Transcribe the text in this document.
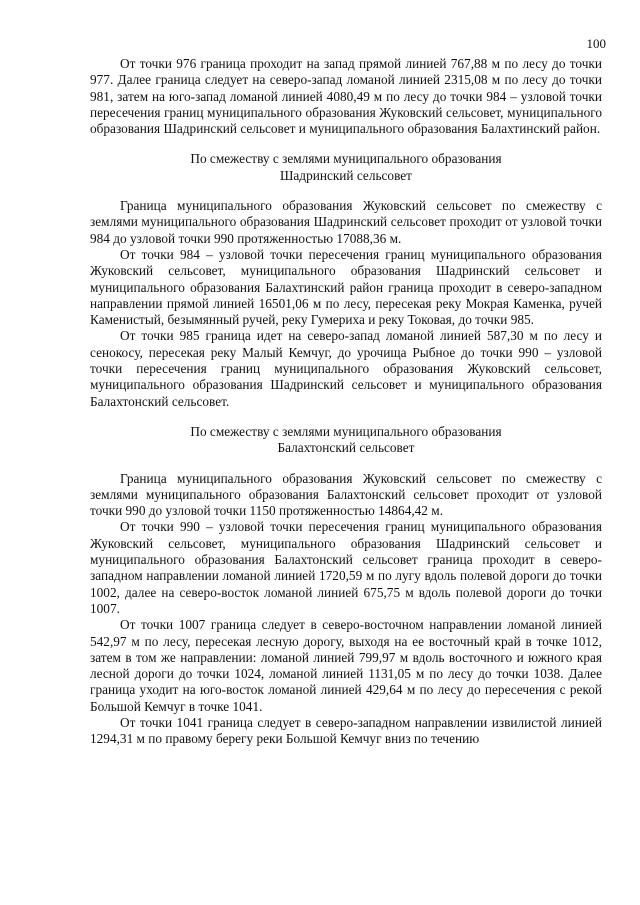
100

От точки 976 граница проходит на запад прямой линией 767,88 м по лесу до точки 977. Далее граница следует на северо-запад ломаной линией 2315,08 м по лесу до точки 981, затем на юго-запад ломаной линией 4080,49 м по лесу до точки 984 – узловой точки пересечения границ муниципального образования Жуковский сельсовет, муниципального образования Шадринский сельсовет и муниципального образования Балахтинский район.

По смежеству с землями муниципального образования
Шадринский сельсовет

Граница муниципального образования Жуковский сельсовет по смежеству с землями муниципального образования Шадринский сельсовет проходит от узловой точки 984 до узловой точки 990 протяженностью 17088,36 м.

От точки 984 – узловой точки пересечения границ муниципального образования Жуковский сельсовет, муниципального образования Шадринский сельсовет и муниципального образования Балахтинский район граница проходит в северо-западном направлении прямой линией 16501,06 м по лесу, пересекая реку Мокрая Каменка, ручей Каменистый, безымянный ручей, реку Гумериха и реку Токовая, до точки 985.

От точки 985 граница идет на северо-запад ломаной линией 587,30 м по лесу и сенокосу, пересекая реку Малый Кемчуг, до урочища Рыбное до точки 990 – узловой точки пересечения границ муниципального образования Жуковский сельсовет, муниципального образования Шадринский сельсовет и муниципального образования Балахтонский сельсовет.

По смежеству с землями муниципального образования
Балахтонский сельсовет

Граница муниципального образования Жуковский сельсовет по смежеству с землями муниципального образования Балахтонский сельсовет проходит от узловой точки 990 до узловой точки 1150 протяженностью 14864,42 м.

От точки 990 – узловой точки пересечения границ муниципального образования Жуковский сельсовет, муниципального образования Шадринский сельсовет и муниципального образования Балахтонский сельсовет граница проходит в северо-западном направлении ломаной линией 1720,59 м по лугу вдоль полевой дороги до точки 1002, далее на северо-восток ломаной линией 675,75 м вдоль полевой дороги до точки 1007.

От точки 1007 граница следует в северо-восточном направлении ломаной линией 542,97 м по лесу, пересекая лесную дорогу, выходя на ее восточный край в точке 1012, затем в том же направлении: ломаной линией 799,97 м вдоль восточного и южного края лесной дороги до точки 1024, ломаной линией 1131,05 м по лесу до точки 1038. Далее граница уходит на юго-восток ломаной линией 429,64 м по лесу до пересечения с рекой Большой Кемчуг в точке 1041.

От точки 1041 граница следует в северо-западном направлении извилистой линией 1294,31 м по правому берегу реки Большой Кемчуг вниз по течению
